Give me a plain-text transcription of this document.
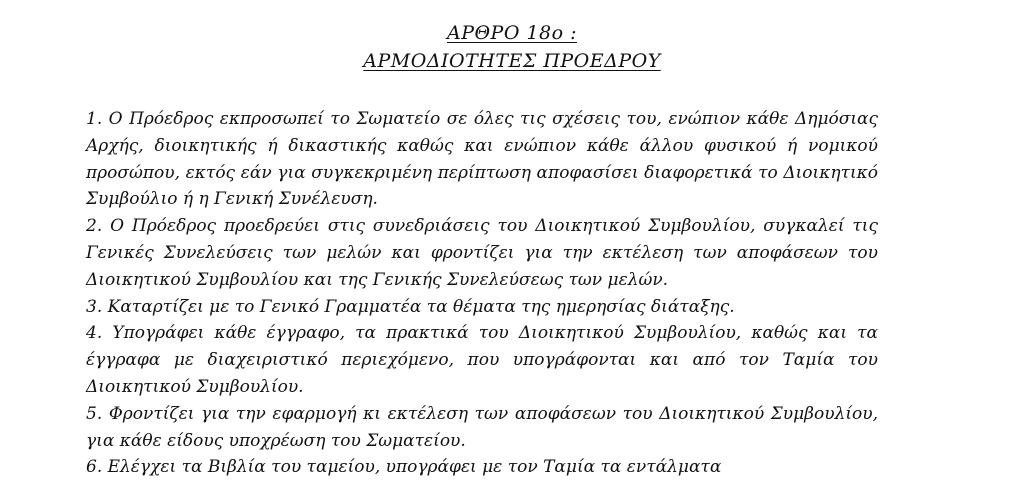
ΑΡΘΡΟ 18ο :
ΑΡΜΟΔΙΟΤΗΤΕΣ ΠΡΟΕΔΡΟΥ

1. Ο Πρόεδρος εκπροσωπεί το Σωματείο σε όλες τις σχέσεις του, ενώπιον κάθε Δημόσιας Αρχής, διοικητικής ή δικαστικής καθώς και ενώπιον κάθε άλλου φυσικού ή νομικού προσώπου, εκτός εάν για συγκεκριμένη περίπτωση αποφασίσει διαφορετικά το Διοικητικό Συμβούλιο ή η Γενική Συνέλευση.

2. Ο Πρόεδρος προεδρεύει στις συνεδριάσεις του Διοικητικού Συμβουλίου, συγκαλεί τις Γενικές Συνελεύσεις των μελών και φροντίζει για την εκτέλεση των αποφάσεων του Διοικητικού Συμβουλίου και της Γενικής Συνελεύσεως των μελών.

3. Καταρτίζει με το Γενικό Γραμματέα τα θέματα της ημερησίας διάταξης.

4. Υπογράφει κάθε έγγραφο, τα πρακτικά του Διοικητικού Συμβουλίου, καθώς και τα έγγραφα με διαχειριστικό περιεχόμενο, που υπογράφονται και από τον Ταμία του Διοικητικού Συμβουλίου.

5. Φροντίζει για την εφαρμογή κι εκτέλεση των αποφάσεων του Διοικητικού Συμβουλίου, για κάθε είδους υποχρέωση του Σωματείου.

6. Ελέγχει τα Βιβλία του ταμείου, υπογράφει με τον Ταμία τα εντάλματα
